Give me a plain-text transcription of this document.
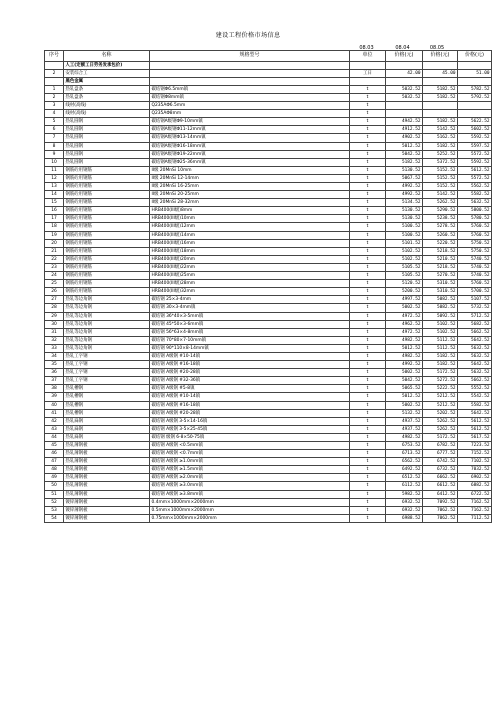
建设工程价格市场信息
08.03	08.04	08.05
序号	名称	规格型号	单位	价格(元)	价格(元)	价格(元)
	人工(定额工日劳务发承包价)					
2	安装综合工		工日	42.00	45.00	51.00
	黑色金属					
1	热轧盘条	碳结钢Φ6.5mm镇	t	5032.52	5182.52	5782.52
2	热轧盘条	碳结钢Φ8mm镇	t	5032.52	5182.52	5792.52
3	线材(高线)	Q235AΦ6.5mm	t			
4	线材(高线)	Q235AΦ8mm	t			
5	热轧圆钢	碳结钢A级钢Φ9-10mm镇	t	4942.52	5182.52	5622.52
6	热轧圆钢	碳结钢A级钢Φ11-12mm镇	t	4912.52	5142.52	5602.52
7	热轧圆钢	碳结钢A级钢Φ13-14mm镇	t	4902.52	5162.52	5592.52
8	热轧圆钢	碳结钢A级钢Φ16-18mm镇	t	5012.52	5182.52	5597.52
9	热轧圆钢	碳结钢A级钢Φ19-22mm镇	t	5042.52	5252.52	5572.52
10	热轧圆钢	碳结钢A级钢Φ25-36mm镇	t	5182.52	5372.52	5592.52
11	钢筋砼用钢筋	II级 20MnSi 10mm	t	5130.52	5152.52	5612.52
12	钢筋砼用钢筋	II级 20MnSi 12-14mm	t	5067.52	5152.52	5572.52
13	钢筋砼用钢筋	II级 20MnSi 16-25mm	t	4992.52	5152.52	5562.52
14	钢筋砼用钢筋	II级 20MnSi 20-25mm	t	4992.52	5142.52	5582.52
15	钢筋砼用钢筋	II级 20MnSi 28-32mm	t	5134.52	5262.52	5632.52
16	钢筋砼用钢筋	HRB400(III级)8mm	t	5130.52	5290.52	5800.52
17	钢筋砼用钢筋	HRB400(III级)10mm	t	5130.52	5238.52	5780.52
18	钢筋砼用钢筋	HRB400(III级)12mm	t	5100.52	5278.52	5760.52
19	钢筋砼用钢筋	HRB400(III级)14mm	t	5100.52	5260.52	5760.52
20	钢筋砼用钢筋	HRB400(III级)16mm	t	5101.52	5220.52	5750.52
21	钢筋砼用钢筋	HRB400(III级)18mm	t	5102.52	5218.52	5750.52
22	钢筋砼用钢筋	HRB400(III级)20mm	t	5102.52	5210.52	5740.52
23	钢筋砼用钢筋	HRB400(III级)22mm	t	5105.52	5218.52	5740.52
24	钢筋砼用钢筋	HRB400(III级)25mm	t	5105.52	5270.52	5740.52
25	钢筋砼用钢筋	HRB400(III级)28mm	t	5120.52	5310.52	5760.52
26	钢筋砼用钢筋	HRB400(III级)32mm	t	5200.52	5310.52	5700.52
27	热轧等边角钢	碳结钢 25×3-4mm	t	4997.52	5082.52	5107.52
28	热轧等边角钢	碳结钢 30×3-4mm镇	t	5002.52	5082.52	5732.52
29	热轧等边角钢	碳结钢 36*40×3-5mm镇	t	4972.52	5092.52	5712.52
30	热轧等边角钢	碳结钢 45*50×3-6mm镇	t	4962.52	5102.52	5682.52
31	热轧等边角钢	碳结钢 56*63×4-8mm镇	t	4972.52	5102.52	5662.52
32	热轧等边角钢	碳结钢 70*80×7-10mm镇	t	4982.52	5112.52	5642.52
33	热轧等边角钢	碳结钢 90*110×8-14mm镇	t	5012.52	5112.52	5632.52
34	热轧工字钢	碳结钢 A级钢 #10-14镇	t	4982.52	5182.52	5632.52
35	热轧工字钢	碳结钢 A级钢 #16-18镇	t	4992.52	5182.52	5642.52
36	热轧工字钢	碳结钢 A级钢 #20-28镇	t	5002.52	5172.52	5632.52
37	热轧工字钢	碳结钢 A级钢 #32-36镇	t	5042.52	5272.52	5662.52
38	热轧槽钢	碳结钢 A级钢 #5-8镇	t	5065.52	5222.52	5552.52
39	热轧槽钢	碳结钢 A级钢 #10-14镇	t	5012.52	5212.52	5542.52
40	热轧槽钢	碳结钢 A级钢 #16-18镇	t	5002.52	5212.52	5582.52
41	热轧槽钢	碳结钢 A级钢 #20-28镇	t	5132.52	5202.52	5642.52
42	热轧扁钢	碳结钢 A级钢 3-5×14-16镇	t	4937.52	5262.52	5612.52
43	热轧扁钢	碳结钢 A级钢 3-5×25-45镇	t	4937.52	5262.52	5612.52
44	热轧扁钢	碳结钢 级钢 6-8×50-75镇	t	4982.52	5172.52	5617.52
45	热轧薄钢板	碳结钢 A级钢 <0.5mm镇	t	6753.52	6782.52	7223.52
46	热轧薄钢板	碳结钢 A级钢 <0.7mm镇	t	6713.52	6777.52	7152.52
47	热轧薄钢板	碳结钢 A级钢 ≥1.0mm镇	t	6562.52	6742.52	7102.52
48	热轧薄钢板	碳结钢 A级钢 ≥1.5mm镇	t	6492.52	6732.52	7032.52
49	热轧薄钢板	碳结钢 A级钢 ≥2.0mm镇	t	6512.52	6662.52	6902.52
50	热轧薄钢板	碳结钢 A级钢 ≥3.0mm镇	t	6112.52	6612.52	6882.52
51	热轧薄钢板	碳结钢 A级钢 ≥3.8mm镇	t	5982.52	6412.52	6722.52
52	镀锌薄钢板	0.4mm×1000mm×2000mm	t	6932.52	7092.52	7162.52
53	镀锌薄钢板	0.5mm×1000mm×2000mm	t	6932.52	7062.52	7162.52
54	镀锌薄钢板	0.75mm×1000mm×2000mm	t	6988.52	7062.52	7112.52
